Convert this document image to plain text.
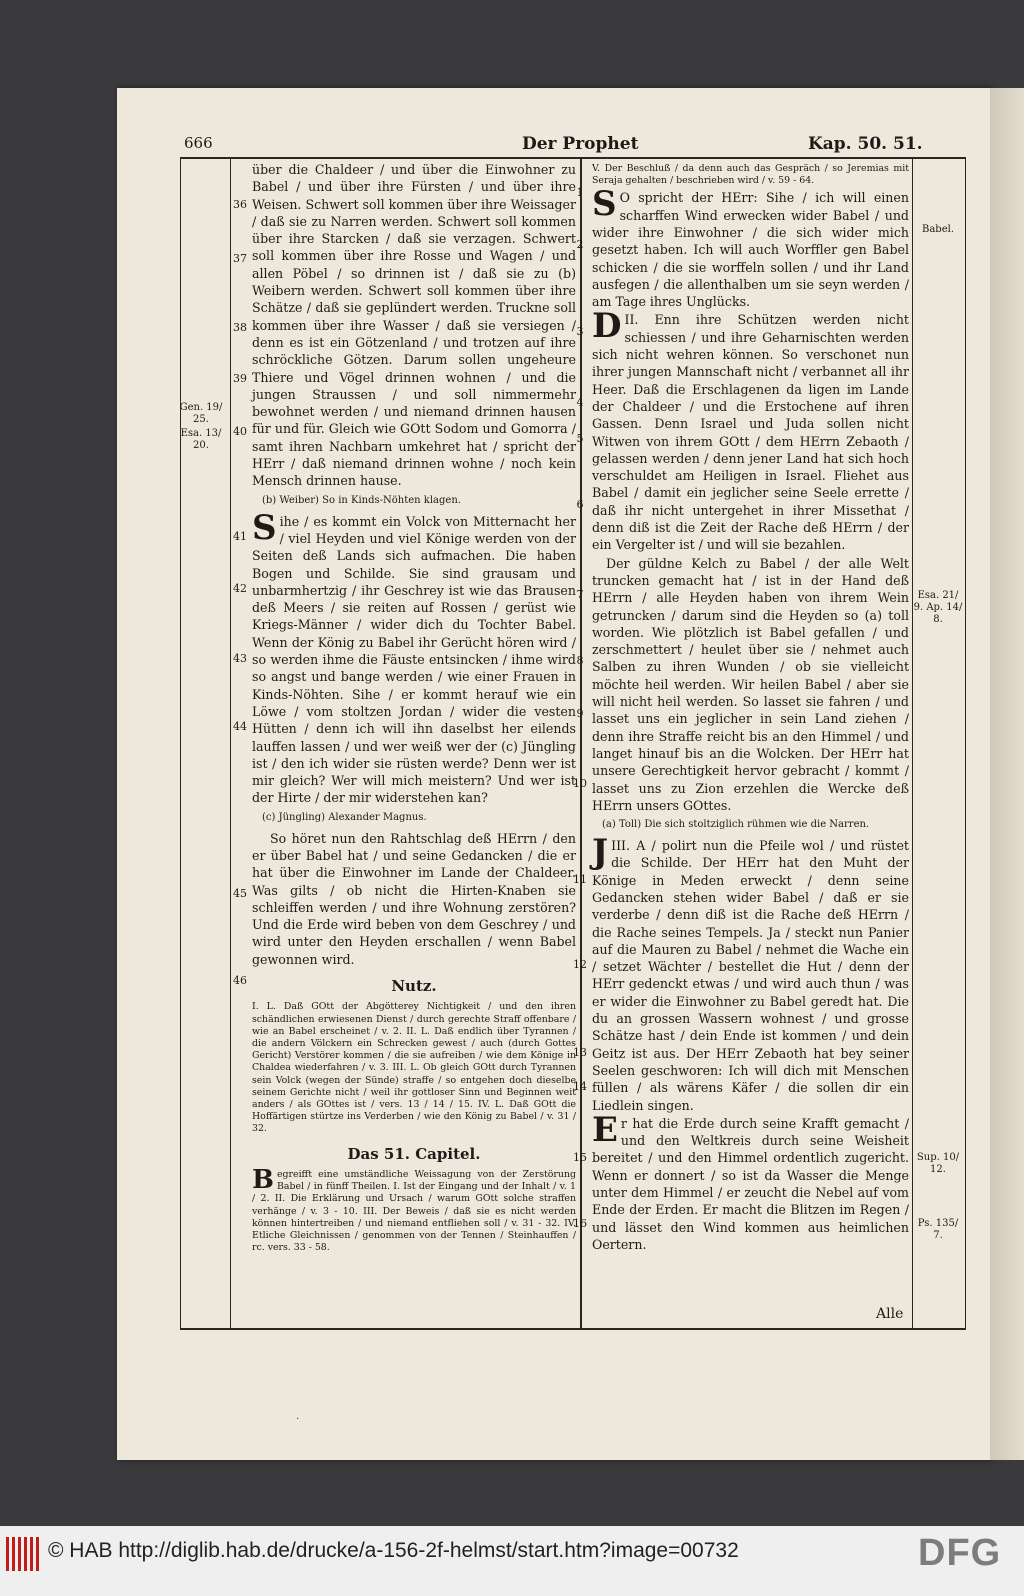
666	Der Prophet	Kap. 50. 51.
36
37
38
39
40
41
42
43
44
45
46
Gen. 19/ 25.
Esa. 13/ 20.

über die Chaldeer / und über die Einwohner zu Babel / und über ihre Fürsten / und über ihre Weisen. Schwert soll kommen über ihre Weissager / daß sie zu Narren werden. Schwert soll kommen über ihre Starcken / daß sie verzagen. Schwert soll kommen über ihre Rosse und Wagen / und allen Pöbel / so drinnen ist / daß sie zu (b) Weibern werden. Schwert soll kommen über ihre Schätze / daß sie geplündert werden. Truckne soll kommen über ihre Wasser / daß sie versiegen / denn es ist ein Götzenland / und trotzen auf ihre schröckliche Götzen. Darum sollen ungeheure Thiere und Vögel drinnen wohnen / und die jungen Straussen / und soll nimmermehr bewohnet werden / und niemand drinnen hausen für und für. Gleich wie GOtt Sodom und Gomorra / samt ihren Nachbarn umkehret hat / spricht der HErr / daß niemand drinnen wohne / noch kein Mensch drinnen hause.

(b) Weiber) So in Kinds-Nöhten klagen.

Sihe / es kommt ein Volck von Mitternacht her / viel Heyden und viel Könige werden von der Seiten deß Lands sich aufmachen. Die haben Bogen und Schilde. Sie sind grausam und unbarmhertzig / ihr Geschrey ist wie das Brausen deß Meers / sie reiten auf Rossen / gerüst wie Kriegs-Männer / wider dich du Tochter Babel. Wenn der König zu Babel ihr Gerücht hören wird / so werden ihme die Fäuste entsincken / ihme wird so angst und bange werden / wie einer Frauen in Kinds-Nöhten. Sihe / er kommt herauf wie ein Löwe / vom stoltzen Jordan / wider die vesten Hütten / denn ich will ihn daselbst her eilends lauffen lassen / und wer weiß wer der (c) Jüngling ist / den ich wider sie rüsten werde? Denn wer ist mir gleich? Wer will mich meistern? Und wer ist der Hirte / der mir widerstehen kan?

(c) Jüngling) Alexander Magnus.

So höret nun den Rahtschlag deß HErrn / den er über Babel hat / und seine Gedancken / die er hat über die Einwohner im Lande der Chaldeer. Was gilts / ob nicht die Hirten-Knaben sie schleiffen werden / und ihre Wohnung zerstören? Und die Erde wird beben von dem Geschrey / und wird unter den Heyden erschallen / wenn Babel gewonnen wird.

Nutz.

I. L. Daß GOtt der Abgötterey Nichtigkeit / und den ihren schändlichen erwiesenen Dienst / durch gerechte Straff offenbare / wie an Babel erscheinet / v. 2. II. L. Daß endlich über Tyrannen / die andern Völckern ein Schrecken gewest / auch (durch Gottes Gericht) Verstörer kommen / die sie aufreiben / wie dem Könige in Chaldea wiederfahren / v. 3. III. L. Ob gleich GOtt durch Tyrannen sein Volck (wegen der Sünde) straffe / so entgehen doch dieselbe seinem Gerichte nicht / weil ihr gottloser Sinn und Beginnen weit anders / als GOttes ist / vers. 13 / 14 / 15. IV. L. Daß GOtt die Hoffärtigen stürtze ins Verderben / wie den König zu Babel / v. 31 / 32.

Das 51. Capitel.

Begreifft eine umständliche Weissagung von der Zerstörung Babel / in fünff Theilen. I. Ist der Eingang und der Inhalt / v. 1 / 2. II. Die Erklärung und Ursach / warum GOtt solche straffen verhänge / v. 3 - 10. III. Der Beweis / daß sie es nicht werden können hintertreiben / und niemand entfliehen soll / v. 31 - 32. IV. Etliche Gleichnissen / genommen von der Tennen / Steinhauffen / rc. vers. 33 - 58.

1
2
3
4
5
6
7
8
9
10
11
12
13
14
15
16
Babel.
Esa. 21/ 9. Ap. 14/ 8.
Sup. 10/ 12.
Ps. 135/ 7.

V. Der Beschluß / da denn auch das Gespräch / so Jeremias mit Seraja gehalten / beschrieben wird / v. 59 - 64.

S O spricht der HErr: Sihe / ich will einen scharffen Wind erwecken wider Babel / und wider ihre Einwohner / die sich wider mich gesetzt haben. Ich will auch Worffler gen Babel schicken / die sie worffeln sollen / und ihr Land ausfegen / die allenthalben um sie seyn werden / am Tage ihres Unglücks.

DII. Enn ihre Schützen werden nicht schiessen / und ihre Geharnischten werden sich nicht wehren können. So verschonet nun ihrer jungen Mannschaft nicht / verbannet all ihr Heer. Daß die Erschlagenen da ligen im Lande der Chaldeer / und die Erstochene auf ihren Gassen. Denn Israel und Juda sollen nicht Witwen von ihrem GOtt / dem HErrn Zebaoth / gelassen werden / denn jener Land hat sich hoch verschuldet am Heiligen in Israel. Fliehet aus Babel / damit ein jeglicher seine Seele errette / daß ihr nicht untergehet in ihrer Missethat / denn diß ist die Zeit der Rache deß HErrn / der ein Vergelter ist / und will sie bezahlen.

Der güldne Kelch zu Babel / der alle Welt truncken gemacht hat / ist in der Hand deß HErrn / alle Heyden haben von ihrem Wein getruncken / darum sind die Heyden so (a) toll worden. Wie plötzlich ist Babel gefallen / und zerschmettert / heulet über sie / nehmet auch Salben zu ihren Wunden / ob sie vielleicht möchte heil werden. Wir heilen Babel / aber sie will nicht heil werden. So lasset sie fahren / und lasset uns ein jeglicher in sein Land ziehen / denn ihre Straffe reicht bis an den Himmel / und langet hinauf bis an die Wolcken. Der HErr hat unsere Gerechtigkeit hervor gebracht / kommt / lasset uns zu Zion erzehlen die Wercke deß HErrn unsers GOttes.

(a) Toll) Die sich stoltziglich rühmen wie die Narren.

JIII. A / polirt nun die Pfeile wol / und rüstet die Schilde. Der HErr hat den Muht der Könige in Meden erweckt / denn seine Gedancken stehen wider Babel / daß er sie verderbe / denn diß ist die Rache deß HErrn / die Rache seines Tempels. Ja / steckt nun Panier auf die Mauren zu Babel / nehmet die Wache ein / setzet Wächter / bestellet die Hut / denn der HErr gedenckt etwas / und wird auch thun / was er wider die Einwohner zu Babel geredt hat. Die du an grossen Wassern wohnest / und grosse Schätze hast / dein Ende ist kommen / und dein Geitz ist aus. Der HErr Zebaoth hat bey seiner Seelen geschworen: Ich will dich mit Menschen füllen / als wärens Käfer / die sollen dir ein Liedlein singen.

Er hat die Erde durch seine Krafft gemacht / und den Weltkreis durch seine Weisheit bereitet / und den Himmel ordentlich zugericht. Wenn er donnert / so ist da Wasser die Menge unter dem Himmel / er zeucht die Nebel auf vom Ende der Erden. Er macht die Blitzen im Regen / und lässet den Wind kommen aus heimlichen Oertern.

Alle
·
© HAB http://diglib.hab.de/drucke/a-156-2f-helmst/start.htm?image=00732	DFG
